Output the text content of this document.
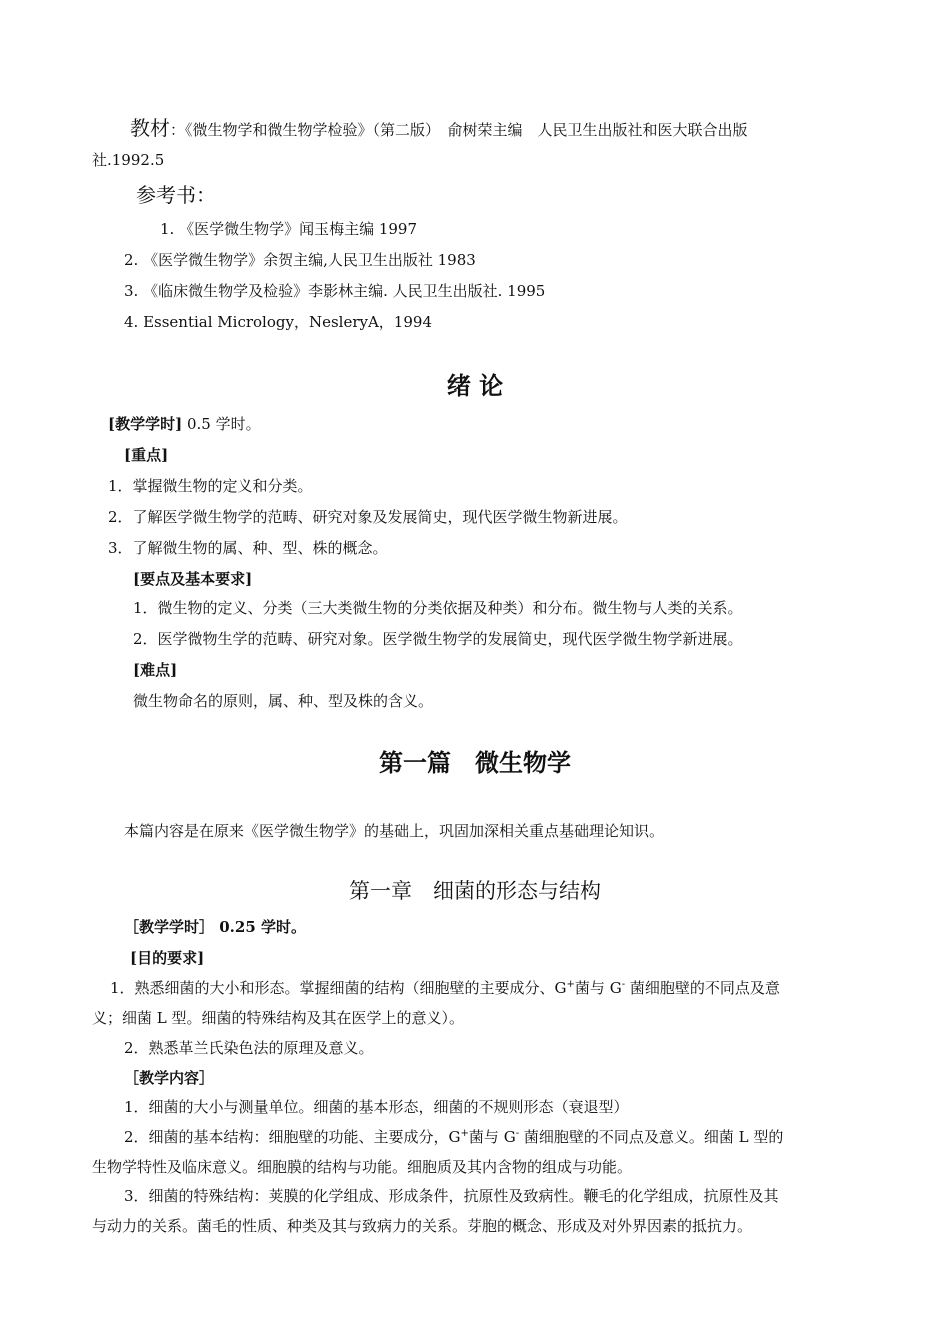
教材：《微生物学和微生物学检验》（第二版）　俞树荣主编　人民卫生出版社和医大联合出版
社.1992.5
参考书：
1. 《医学微生物学》闻玉梅主编 1997
2. 《医学微生物学》余贺主编,人民卫生出版社 1983
3. 《临床微生物学及检验》李影林主编. 人民卫生出版社. 1995
4. Essential Micrology，NesleryA，1994
绪 论
[教学学时] 0.5 学时。
[重点]
1．掌握微生物的定义和分类。
2．了解医学微生物学的范畴、研究对象及发展简史，现代医学微生物新进展。
3．了解微生物的属、种、型、株的概念。
[要点及基本要求]
1．微生物的定义、分类（三大类微生物的分类依据及种类）和分布。微生物与人类的关系。
2．医学微物生学的范畴、研究对象。医学微生物学的发展简史，现代医学微生物学新进展。
[难点]
微生物命名的原则，属、种、型及株的含义。
第一篇　微生物学
本篇内容是在原来《医学微生物学》的基础上，巩固加深相关重点基础理论知识。
第一章　细菌的形态与结构
［教学学时］ 0.25 学时。
[目的要求]
1．熟悉细菌的大小和形态。掌握细菌的结构（细胞壁的主要成分、G+菌与 G- 菌细胞壁的不同点及意
义；细菌 L 型。细菌的特殊结构及其在医学上的意义）。
2．熟悉革兰氏染色法的原理及意义。
［教学内容］
1．细菌的大小与测量单位。细菌的基本形态，细菌的不规则形态（衰退型）
2．细菌的基本结构：细胞壁的功能、主要成分，G+菌与 G- 菌细胞壁的不同点及意义。细菌 L 型的
生物学特性及临床意义。细胞膜的结构与功能。细胞质及其内含物的组成与功能。
3．细菌的特殊结构：荚膜的化学组成、形成条件，抗原性及致病性。鞭毛的化学组成，抗原性及其
与动力的关系。菌毛的性质、种类及其与致病力的关系。芽胞的概念、形成及对外界因素的抵抗力。
